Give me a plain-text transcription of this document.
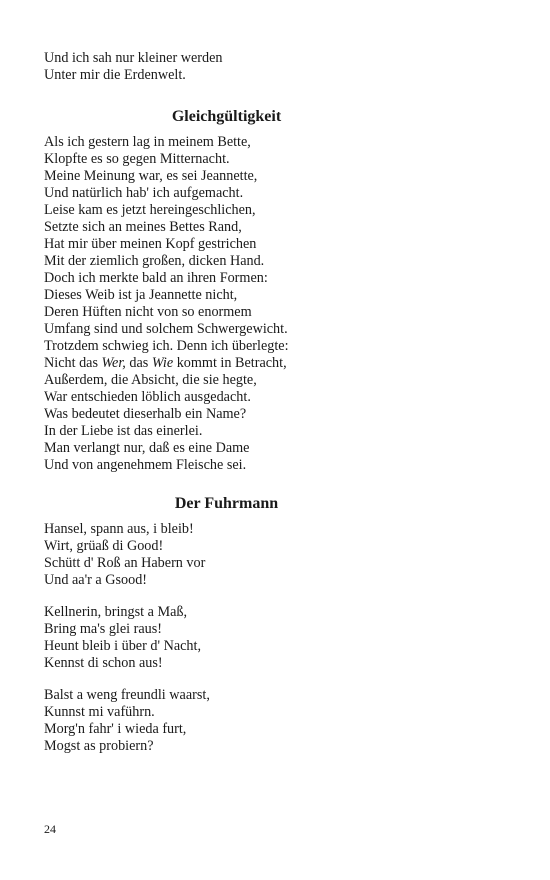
Und ich sah nur kleiner werden
Unter mir die Erdenwelt.
Gleichgültigkeit
Als ich gestern lag in meinem Bette,
Klopfte es so gegen Mitternacht.
Meine Meinung war, es sei Jeannette,
Und natürlich hab' ich aufgemacht.
Leise kam es jetzt hereingeschlichen,
Setzte sich an meines Bettes Rand,
Hat mir über meinen Kopf gestrichen
Mit der ziemlich großen, dicken Hand.
Doch ich merkte bald an ihren Formen:
Dieses Weib ist ja Jeannette nicht,
Deren Hüften nicht von so enormem
Umfang sind und solchem Schwergewicht.
Trotzdem schwieg ich. Denn ich überlegte:
Nicht das Wer, das Wie kommt in Betracht,
Außerdem, die Absicht, die sie hegte,
War entschieden löblich ausgedacht.
Was bedeutet dieserhalb ein Name?
In der Liebe ist das einerlei.
Man verlangt nur, daß es eine Dame
Und von angenehmem Fleische sei.
Der Fuhrmann
Hansel, spann aus, i bleib!
Wirt, grüaß di Good!
Schütt d' Roß an Habern vor
Und aa'r a Gsood!
Kellnerin, bringst a Maß,
Bring ma's glei raus!
Heunt bleib i über d' Nacht,
Kennst di schon aus!
Balst a weng freundli waarst,
Kunnst mi vaführn.
Morg'n fahr' i wieda furt,
Mogst as probiern?
24
